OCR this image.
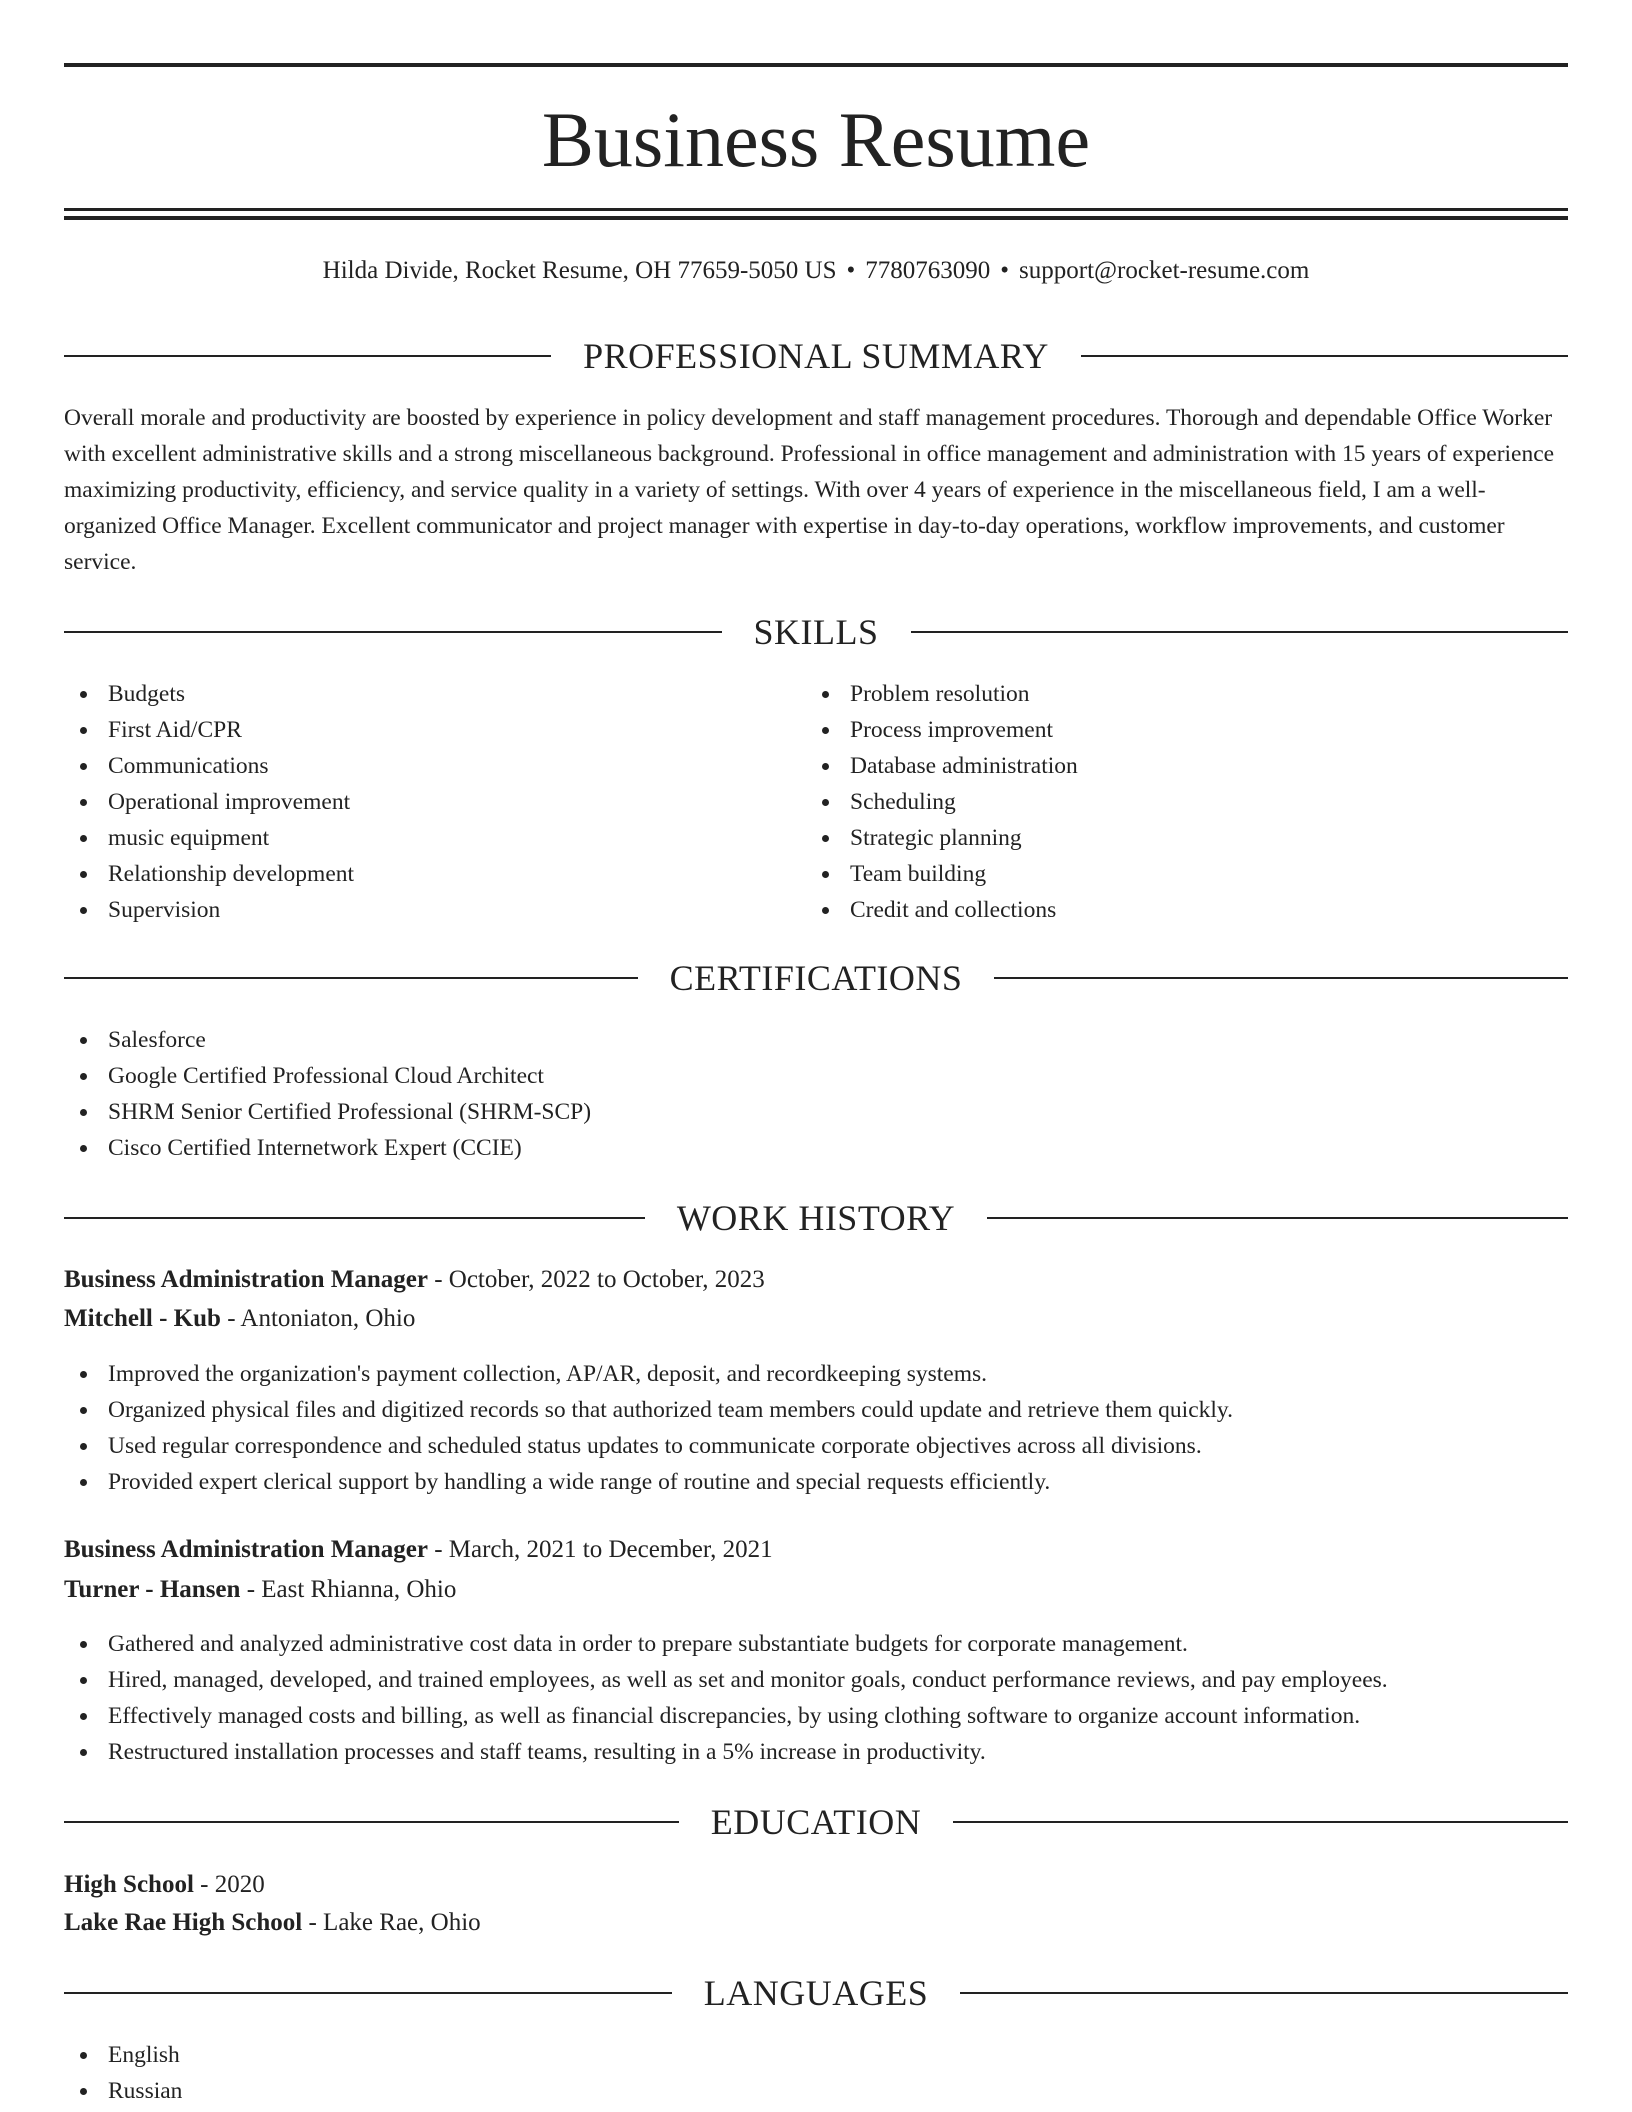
Business Resume
Hilda Divide, Rocket Resume, OH 77659-5050 US • 7780763090 • support@rocket-resume.com
PROFESSIONAL SUMMARY

Overall morale and productivity are boosted by experience in policy development and staff management procedures. Thorough and dependable Office Worker with excellent administrative skills and a strong miscellaneous background. Professional in office management and administration with 15 years of experience maximizing productivity, efficiency, and service quality in a variety of settings. With over 4 years of experience in the miscellaneous field, I am a well-organized Office Manager. Excellent communicator and project manager with expertise in day-to-day operations, workflow improvements, and customer service.

SKILLS
Budgets
First Aid/CPR
Communications
Operational improvement
music equipment
Relationship development
Supervision
Problem resolution
Process improvement
Database administration
Scheduling
Strategic planning
Team building
Credit and collections
CERTIFICATIONS
Salesforce
Google Certified Professional Cloud Architect
SHRM Senior Certified Professional (SHRM-SCP)
Cisco Certified Internetwork Expert (CCIE)
WORK HISTORY
Business Administration Manager - October, 2022 to October, 2023
Mitchell - Kub - Antoniaton, Ohio
Improved the organization's payment collection, AP/AR, deposit, and recordkeeping systems.
Organized physical files and digitized records so that authorized team members could update and retrieve them quickly.
Used regular correspondence and scheduled status updates to communicate corporate objectives across all divisions.
Provided expert clerical support by handling a wide range of routine and special requests efficiently.
Business Administration Manager - March, 2021 to December, 2021
Turner - Hansen - East Rhianna, Ohio
Gathered and analyzed administrative cost data in order to prepare substantiate budgets for corporate management.
Hired, managed, developed, and trained employees, as well as set and monitor goals, conduct performance reviews, and pay employees.
Effectively managed costs and billing, as well as financial discrepancies, by using clothing software to organize account information.
Restructured installation processes and staff teams, resulting in a 5% increase in productivity.
EDUCATION
High School - 2020
Lake Rae High School - Lake Rae, Ohio
LANGUAGES
English
Russian
